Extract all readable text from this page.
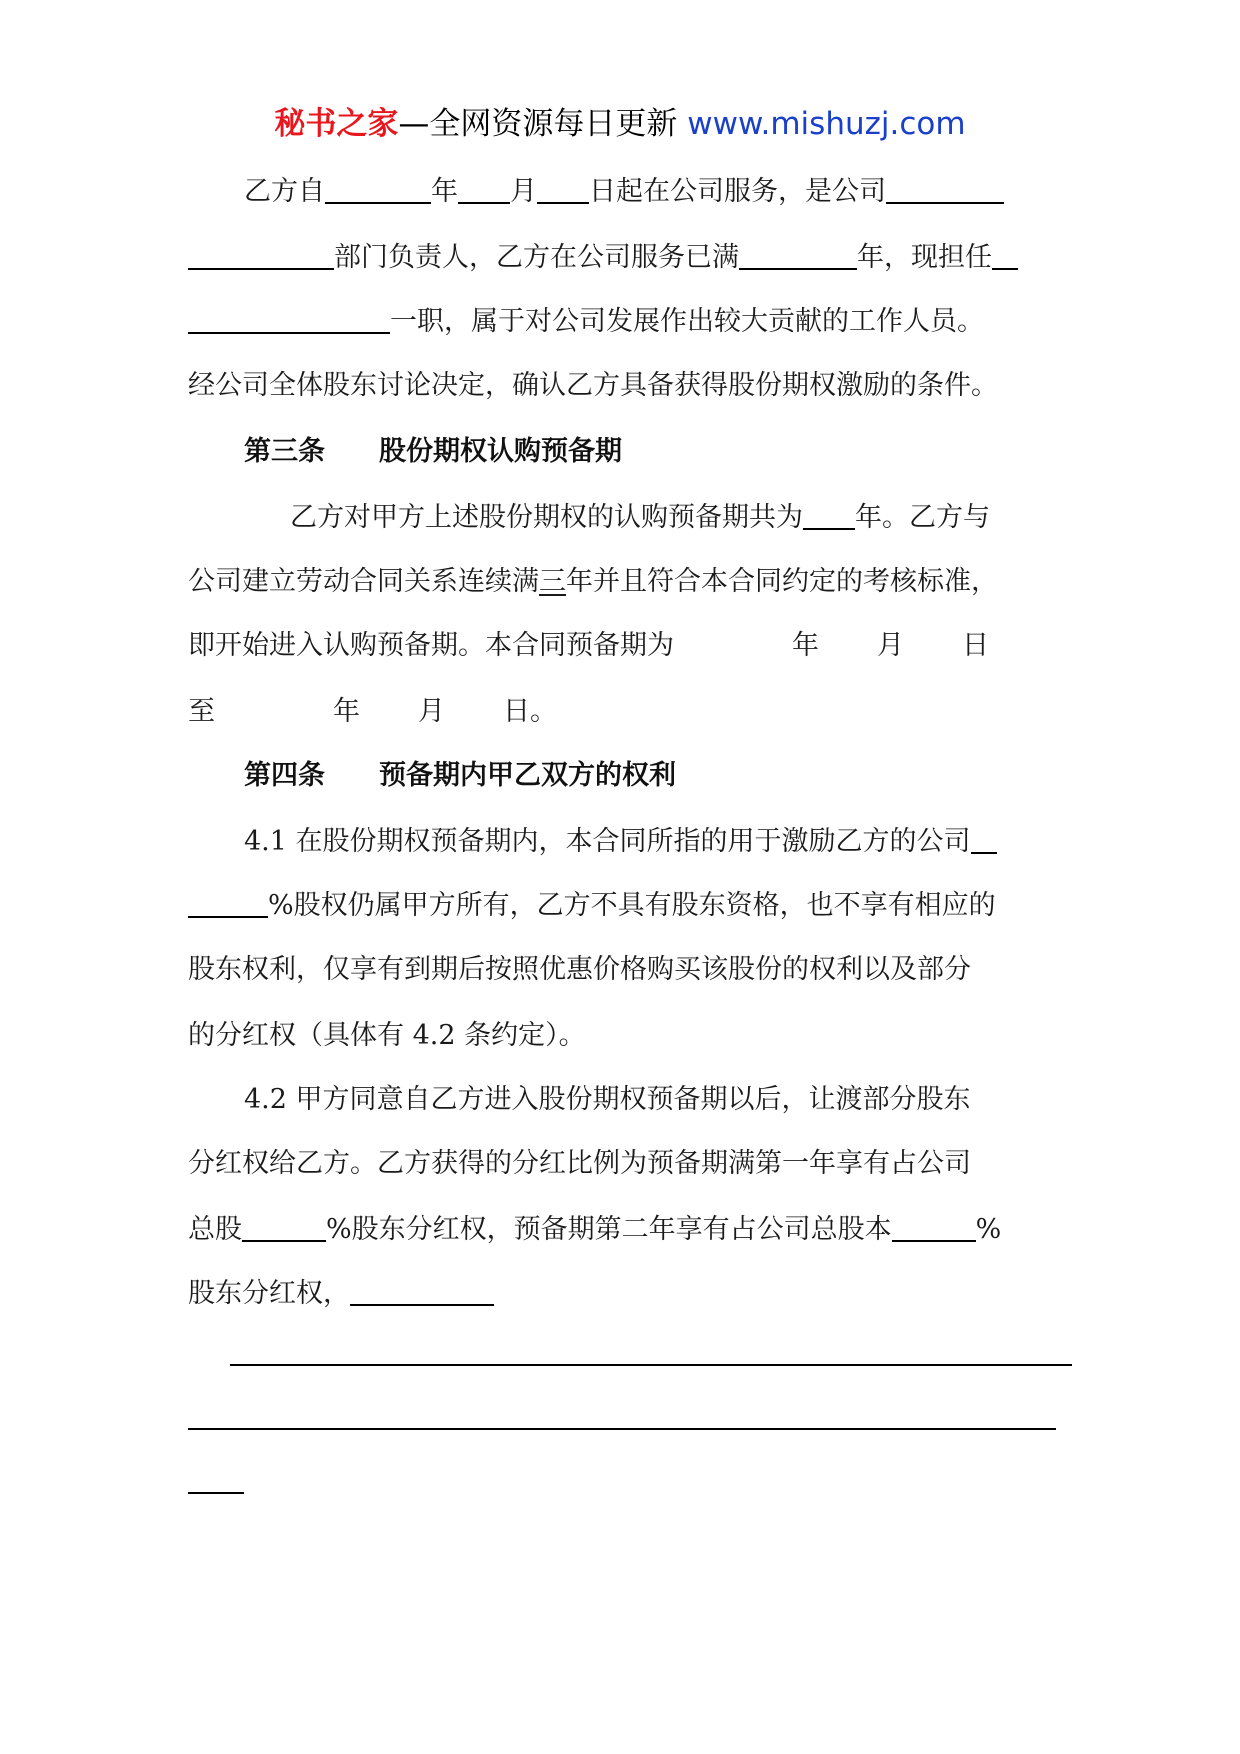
秘书之家—全网资源每日更新 www.mishuzj.com
乙方自	年 月 日起在公司服务，是公司
部门负责人，乙方在公司服务已满	年，现担任
一职，属于对公司发展作出较大贡献的工作人员。
经公司全体股东讨论决定，确认乙方具备获得股份期权激励的条件。
第三条 股份期权认购预备期
乙方对甲方上述股份期权的认购预备期共为 年。乙方与
公司建立劳动合同关系连续满三年并且符合本合同约定的考核标准，
即开始进入认购预备期。本合同预备期为	年 月 日
至	年 月 日。
第四条 预备期内甲乙双方的权利
4.1 在股份期权预备期内，本合同所指的用于激励乙方的公司
%股权仍属甲方所有，乙方不具有股东资格，也不享有相应的
股东权利，仅享有到期后按照优惠价格购买该股份的权利以及部分
的分红权（具体有 4.2 条约定）。
4.2 甲方同意自乙方进入股份期权预备期以后，让渡部分股东
分红权给乙方。乙方获得的分红比例为预备期满第一年享有占公司
总股	%股东分红权，预备期第二年享有占公司总股本	%
股东分红权，
